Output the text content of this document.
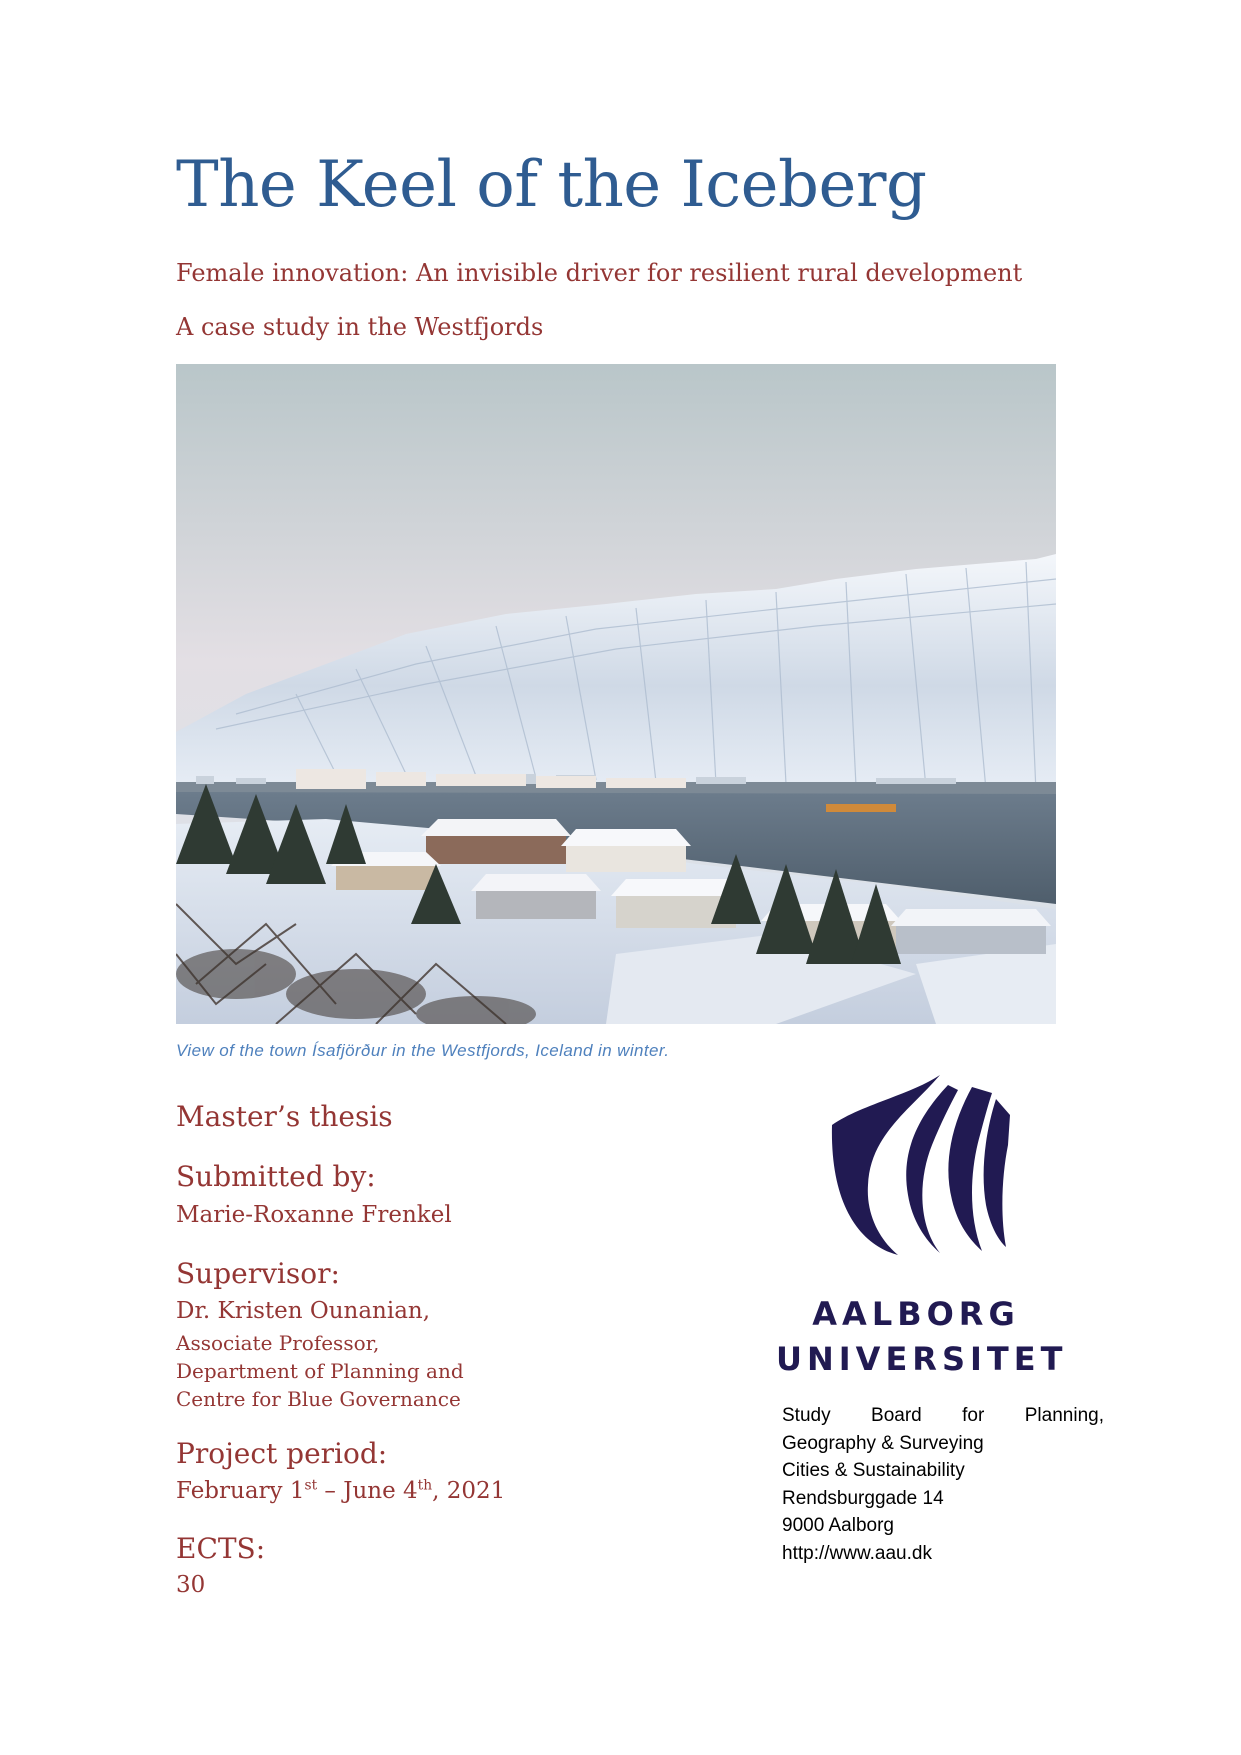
The Keel of the Iceberg
Female innovation: An invisible driver for resilient rural development
A case study in the Westfjords
View of the town Ísafjörður in the Westfjords, Iceland in winter.
Master’s thesis
Submitted by:
Marie-Roxanne Frenkel
Supervisor:
Dr. Kristen Ounanian,
Associate Professor,
Department of Planning and
Centre for Blue Governance
Project period:
February 1st – June 4th, 2021
ECTS:
30
AALBORG
UNIVERSITET
Study Board for Planning,
Geography & Surveying
Cities & Sustainability
Rendsburggade 14
9000 Aalborg
http://www.aau.dk
